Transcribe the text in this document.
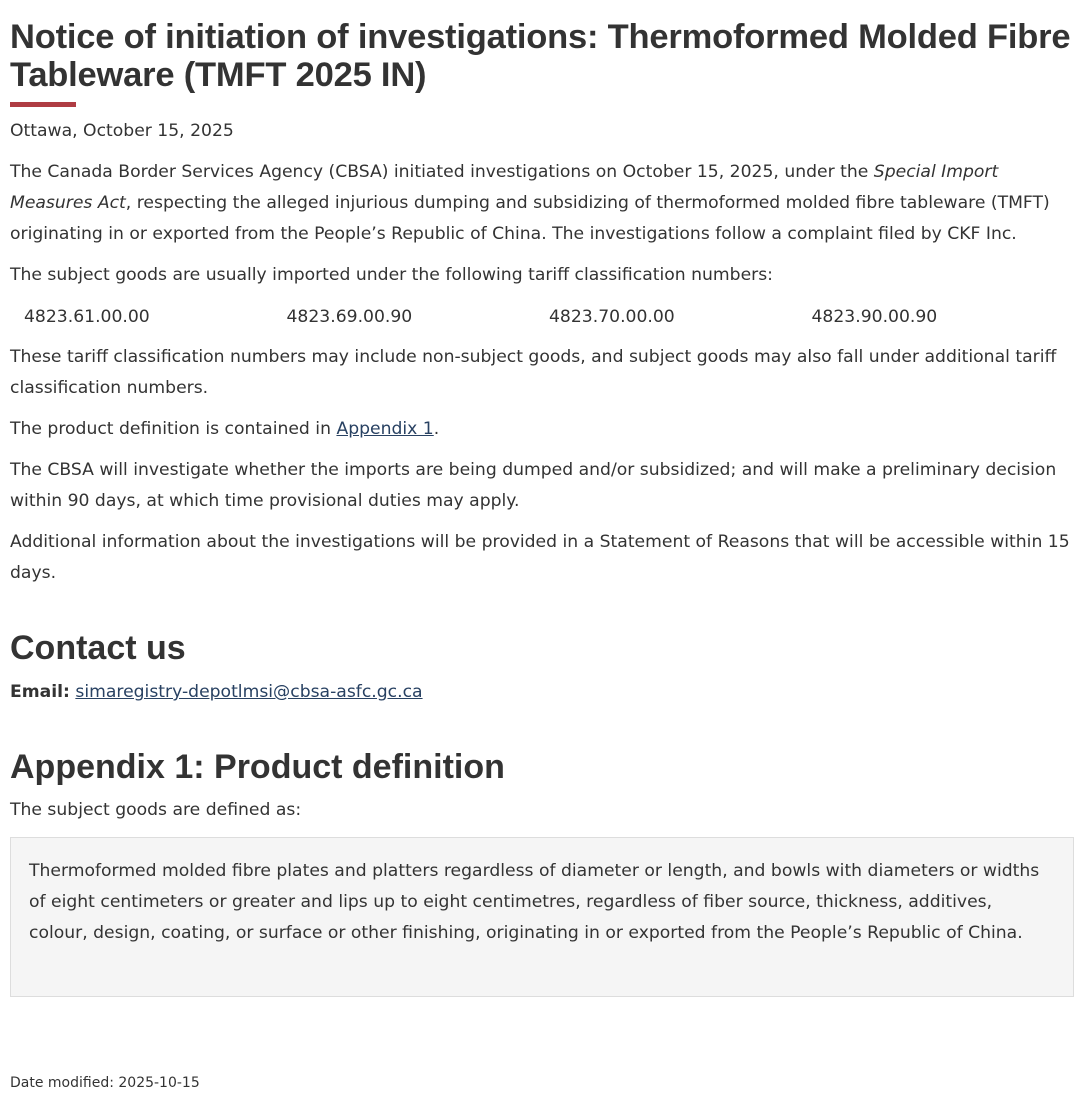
Notice of initiation of investigations: Thermoformed Molded Fibre Tableware (TMFT 2025 IN)

Ottawa, October 15, 2025

The Canada Border Services Agency (CBSA) initiated investigations on October 15, 2025, under the Special Import Measures Act, respecting the alleged injurious dumping and subsidizing of thermoformed molded fibre tableware (TMFT) originating in or exported from the People’s Republic of China. The investigations follow a complaint filed by CKF Inc.

The subject goods are usually imported under the following tariff classification numbers:

4823.61.00.00	4823.69.00.90	4823.70.00.00	4823.90.00.90

These tariff classification numbers may include non-subject goods, and subject goods may also fall under additional tariff classification numbers.

The product definition is contained in Appendix 1.

The CBSA will investigate whether the imports are being dumped and/or subsidized; and will make a preliminary decision within 90 days, at which time provisional duties may apply.

Additional information about the investigations will be provided in a Statement of Reasons that will be accessible within 15 days.

Contact us

Email: simaregistry-depotlmsi@cbsa-asfc.gc.ca

Appendix 1: Product definition

The subject goods are defined as:

Thermoformed molded fibre plates and platters regardless of diameter or length, and bowls with diameters or widths of eight centimeters or greater and lips up to eight centimetres, regardless of fiber source, thickness, additives, colour, design, coating, or surface or other finishing, originating in or exported from the People’s Republic of China.

Date modified: 2025-10-15
